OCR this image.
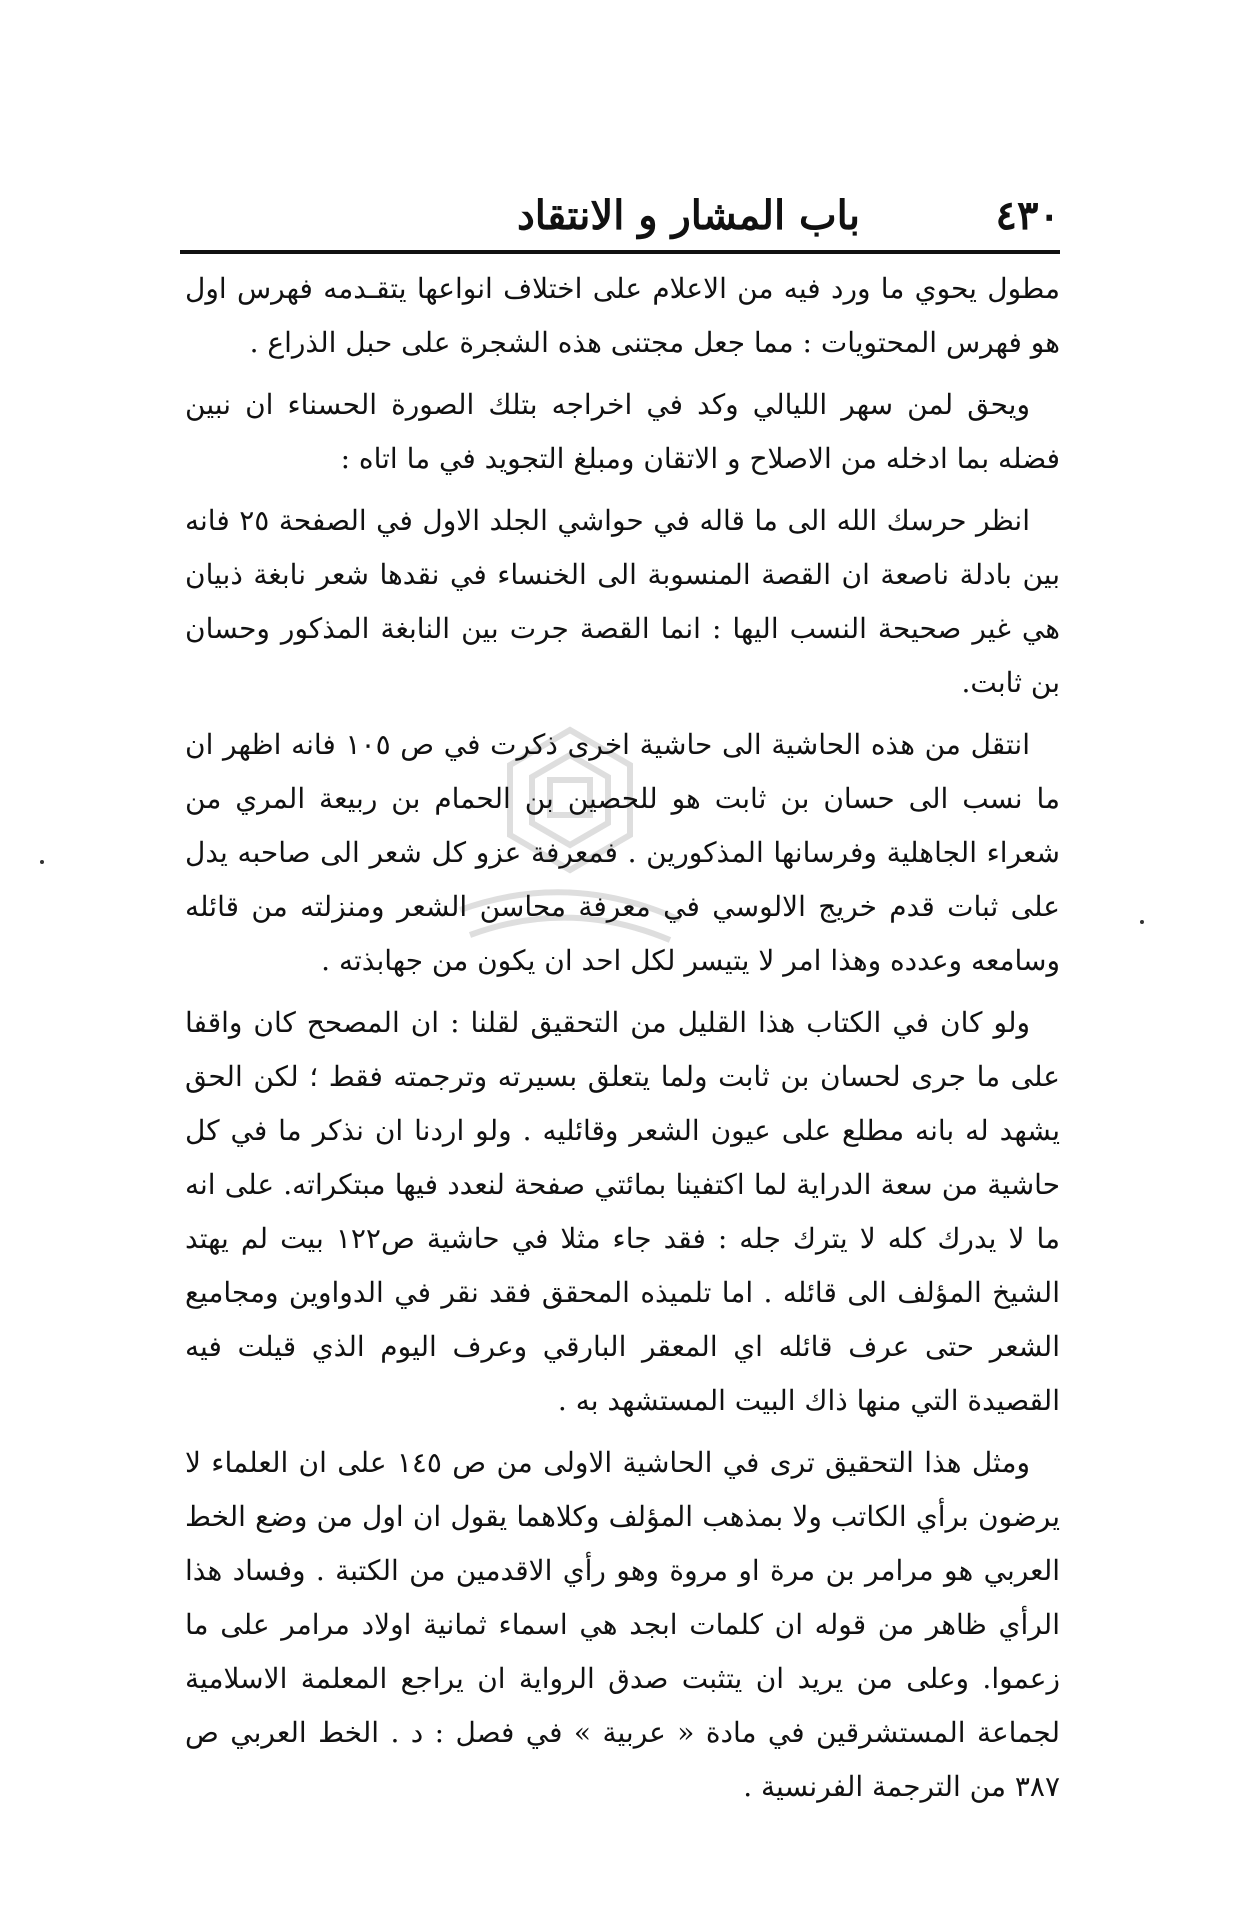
٤٣٠
باب المشار و الانتقاد

مطول يحوي ما ورد فيه من الاعلام على اختلاف انواعها يتقـدمه فهرس اول هو فهرس المحتويات : مما جعل مجتنى هذه الشجرة على حبل الذراع .

ويحق لمن سهر الليالي وكد في اخراجه بتلك الصورة الحسناء ان نبين فضله بما ادخله من الاصلاح و الاتقان ومبلغ التجويد في ما اتاه :

انظر حرسك الله الى ما قاله في حواشي الجلد الاول في الصفحة ٢٥ فانه بين بادلة ناصعة ان القصة المنسوبة الى الخنساء في نقدها شعر نابغة ذبيان هي غير صحيحة النسب اليها : انما القصة جرت بين النابغة المذكور وحسان بن ثابت.

انتقل من هذه الحاشية الى حاشية اخرى ذكرت في ص ١٠٥ فانه اظهر ان ما نسب الى حسان بن ثابت هو للحصين بن الحمام بن ربيعة المري من شعراء الجاهلية وفرسانها المذكورين . فمعرفة عزو كل شعر الى صاحبه يدل على ثبات قدم خريج الالوسي في معرفة محاسن الشعر ومنزلته من قائله وسامعه وعدده وهذا امر لا يتيسر لكل احد ان يكون من جهابذته .

ولو كان في الكتاب هذا القليل من التحقيق لقلنا : ان المصحح كان واقفا على ما جرى لحسان بن ثابت ولما يتعلق بسيرته وترجمته فقط ؛ لكن الحق يشهد له بانه مطلع على عيون الشعر وقائليه . ولو اردنا ان نذكر ما في كل حاشية من سعة الدراية لما اكتفينا بمائتي صفحة لنعدد فيها مبتكراته. على انه ما لا يدرك كله لا يترك جله : فقد جاء مثلا في حاشية ص١٢٢ بيت لم يهتد الشيخ المؤلف الى قائله . اما تلميذه المحقق فقد نقر في الدواوين ومجاميع الشعر حتى عرف قائله اي المعقر البارقي وعرف اليوم الذي قيلت فيه القصيدة التي منها ذاك البيت المستشهد به .

ومثل هذا التحقيق ترى في الحاشية الاولى من ص ١٤٥ على ان العلماء لا يرضون برأي الكاتب ولا بمذهب المؤلف وكلاهما يقول ان اول من وضع الخط العربي هو مرامر بن مرة او مروة وهو رأي الاقدمين من الكتبة . وفساد هذا الرأي ظاهر من قوله ان كلمات ابجد هي اسماء ثمانية اولاد مرامر على ما زعموا. وعلى من يريد ان يتثبت صدق الرواية ان يراجع المعلمة الاسلامية لجماعة المستشرقين في مادة « عربية » في فصل : د . الخط العربي ص ٣٨٧ من الترجمة الفرنسية .
